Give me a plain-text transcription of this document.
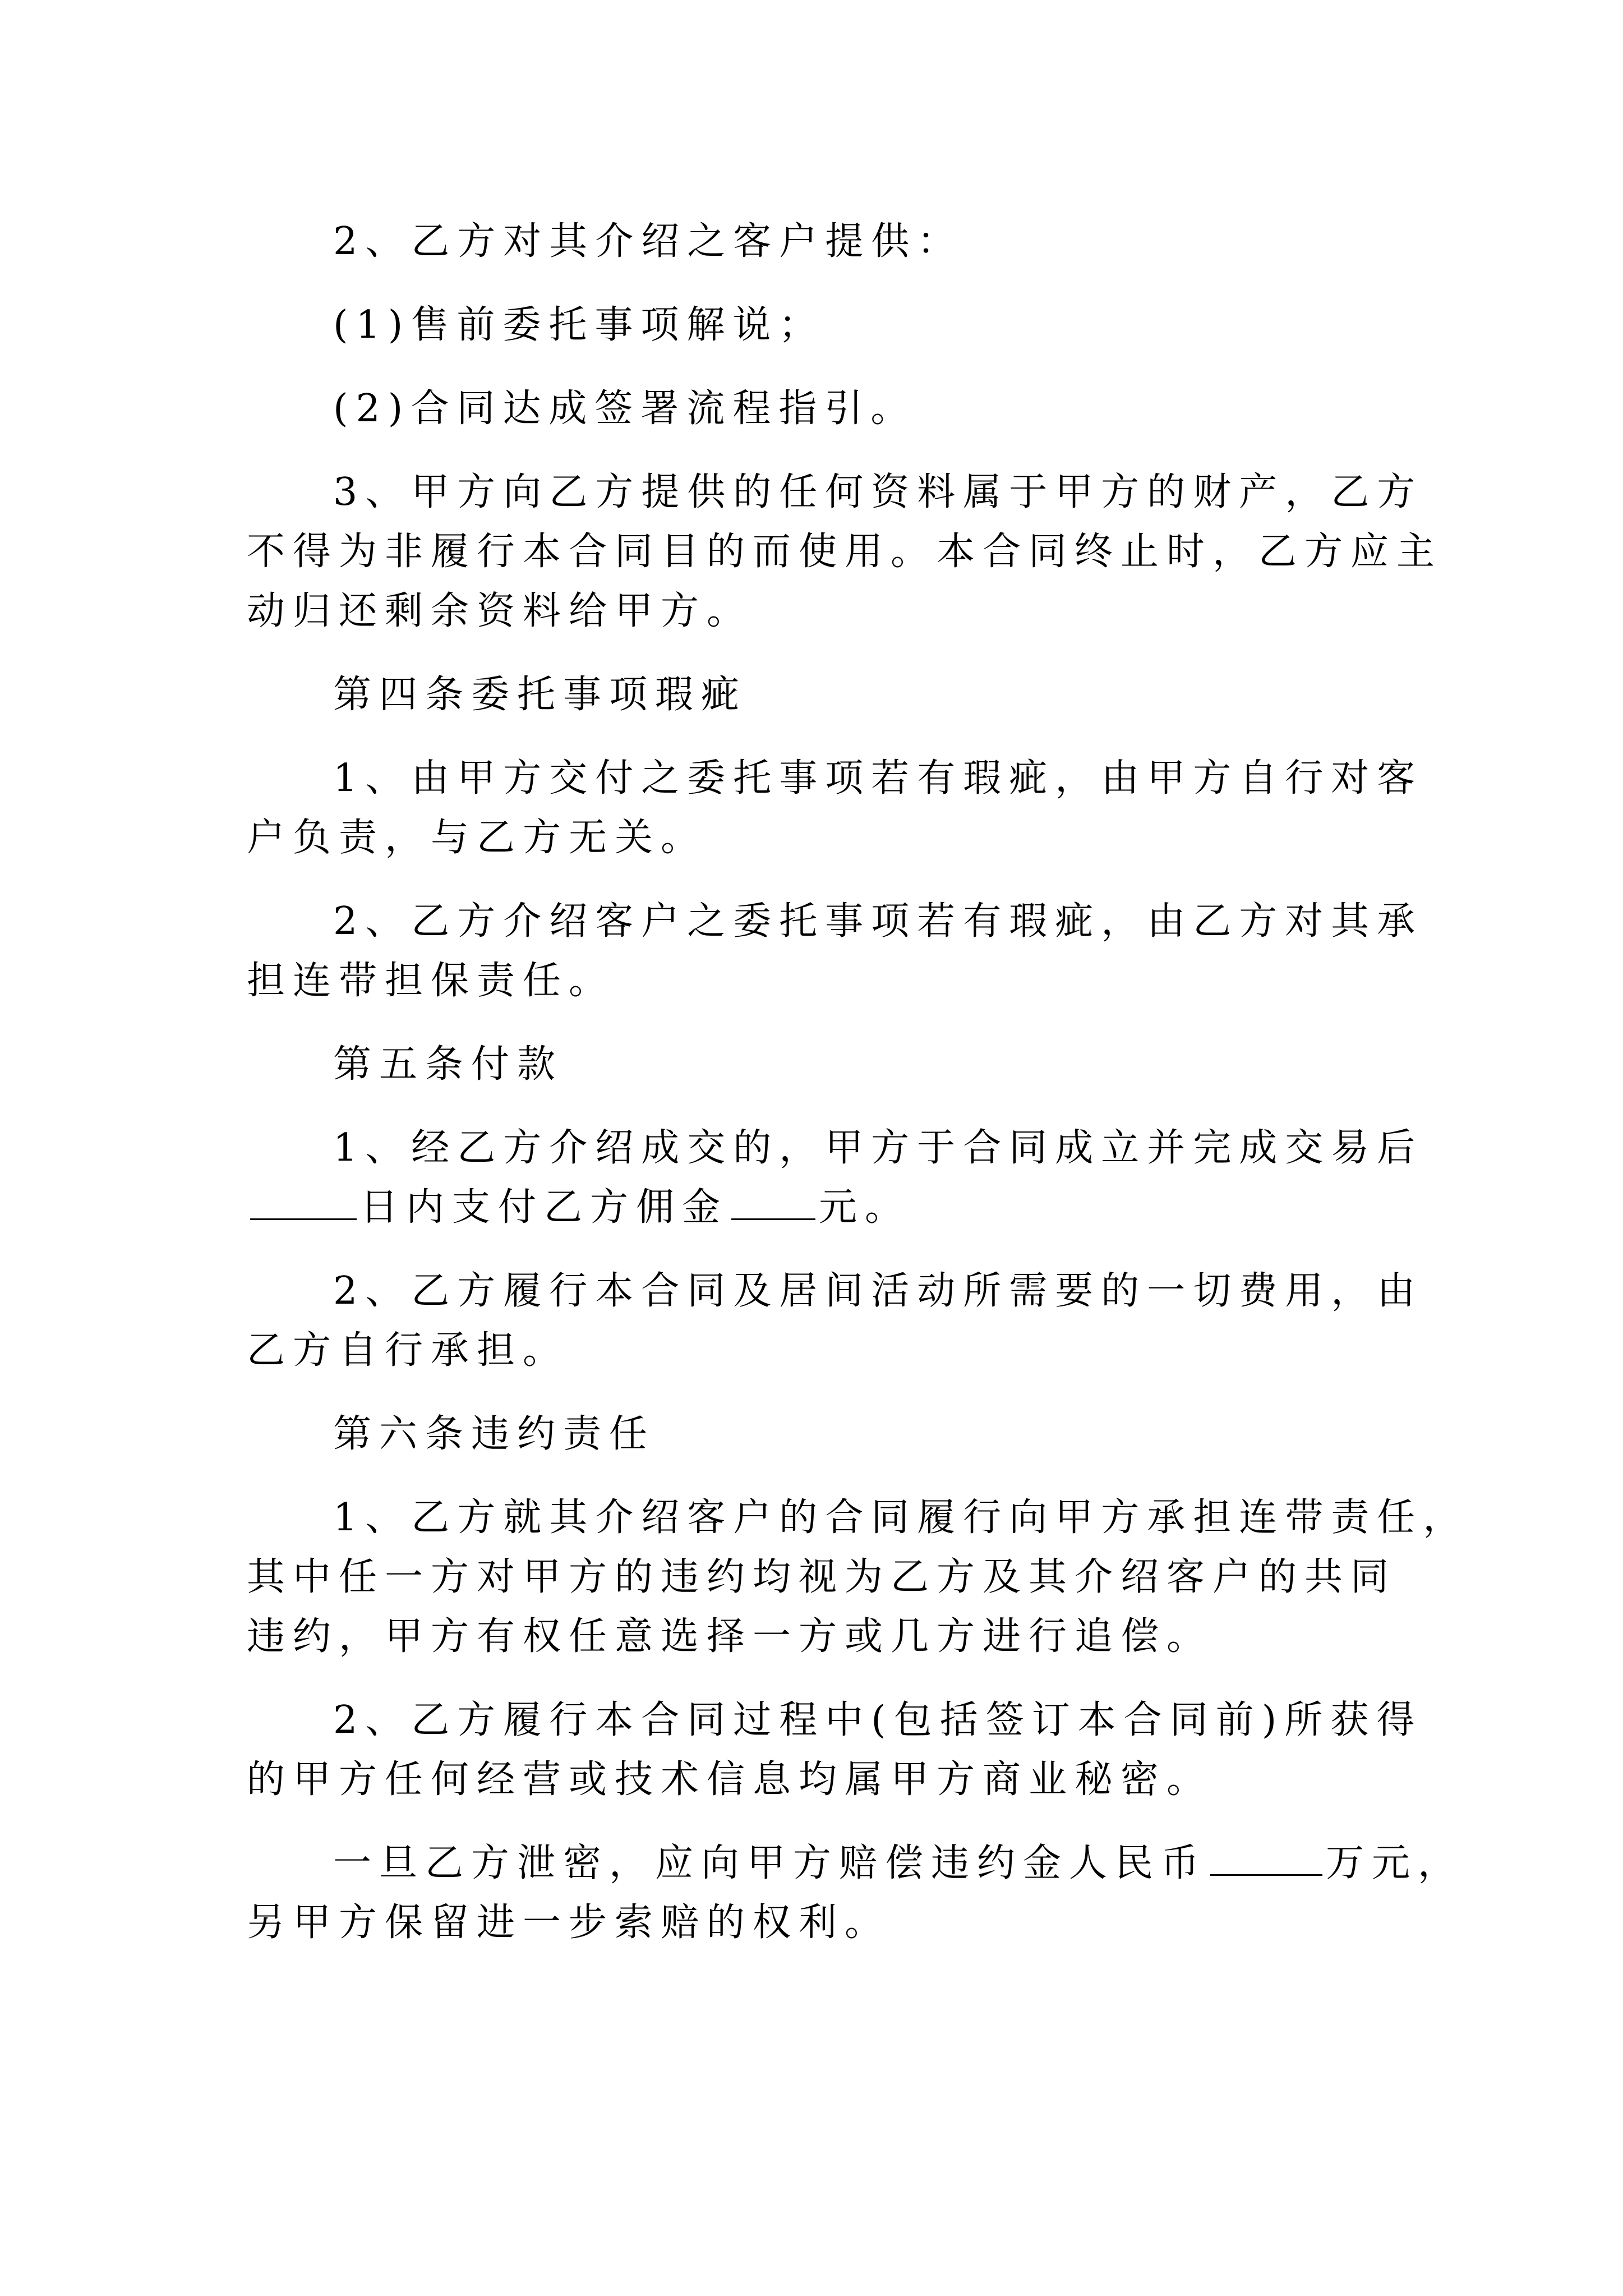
2、乙方对其介绍之客户提供：

(1)售前委托事项解说；

(2)合同达成签署流程指引。

3、甲方向乙方提供的任何资料属于甲方的财产，乙方
不得为非履行本合同目的而使用。本合同终止时，乙方应主
动归还剩余资料给甲方。

第四条委托事项瑕疵

1、由甲方交付之委托事项若有瑕疵，由甲方自行对客
户负责，与乙方无关。

2、乙方介绍客户之委托事项若有瑕疵，由乙方对其承
担连带担保责任。

第五条付款

1、经乙方介绍成交的，甲方于合同成立并完成交易后
日内支付乙方佣金 元。

2、乙方履行本合同及居间活动所需要的一切费用，由
乙方自行承担。

第六条违约责任

1、乙方就其介绍客户的合同履行向甲方承担连带责任，
其中任一方对甲方的违约均视为乙方及其介绍客户的共同
违约，甲方有权任意选择一方或几方进行追偿。

2、乙方履行本合同过程中(包括签订本合同前)所获得
的甲方任何经营或技术信息均属甲方商业秘密。

一旦乙方泄密，应向甲方赔偿违约金人民币	万元，
另甲方保留进一步索赔的权利。
